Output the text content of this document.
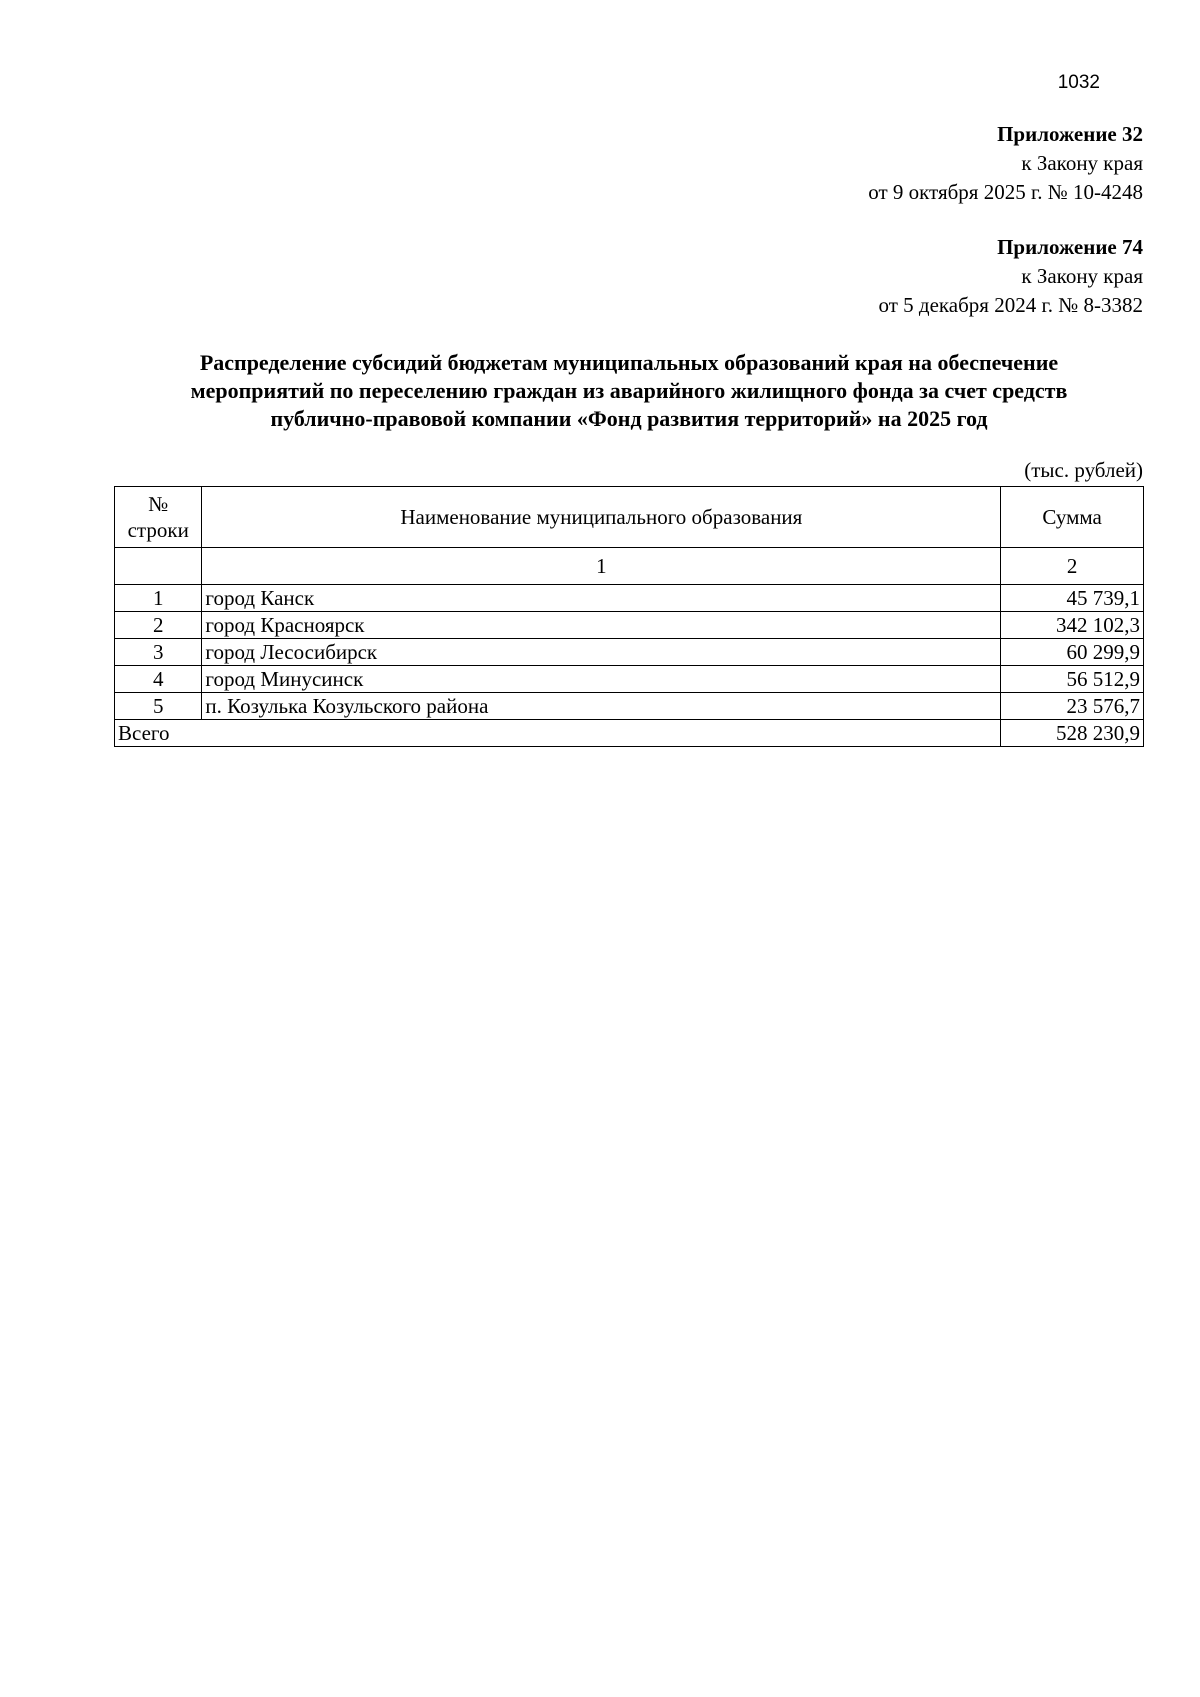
1032
Приложение 32
к Закону края
от 9 октября 2025 г. № 10-4248
Приложение 74
к Закону края
от 5 декабря 2024 г. № 8-3382
Распределение субсидий бюджетам муниципальных образований края на обеспечение
мероприятий по переселению граждан из аварийного жилищного фонда за счет средств
публично-правовой компании «Фонд развития территорий» на 2025 год
(тыс. рублей)
№
строки	Наименование муниципального образования	Сумма
	1	2
1	город Канск	45 739,1
2	город Красноярск	342 102,3
3	город Лесосибирск	60 299,9
4	город Минусинск	56 512,9
5	п. Козулька Козульского района	23 576,7
Всего		528 230,9
